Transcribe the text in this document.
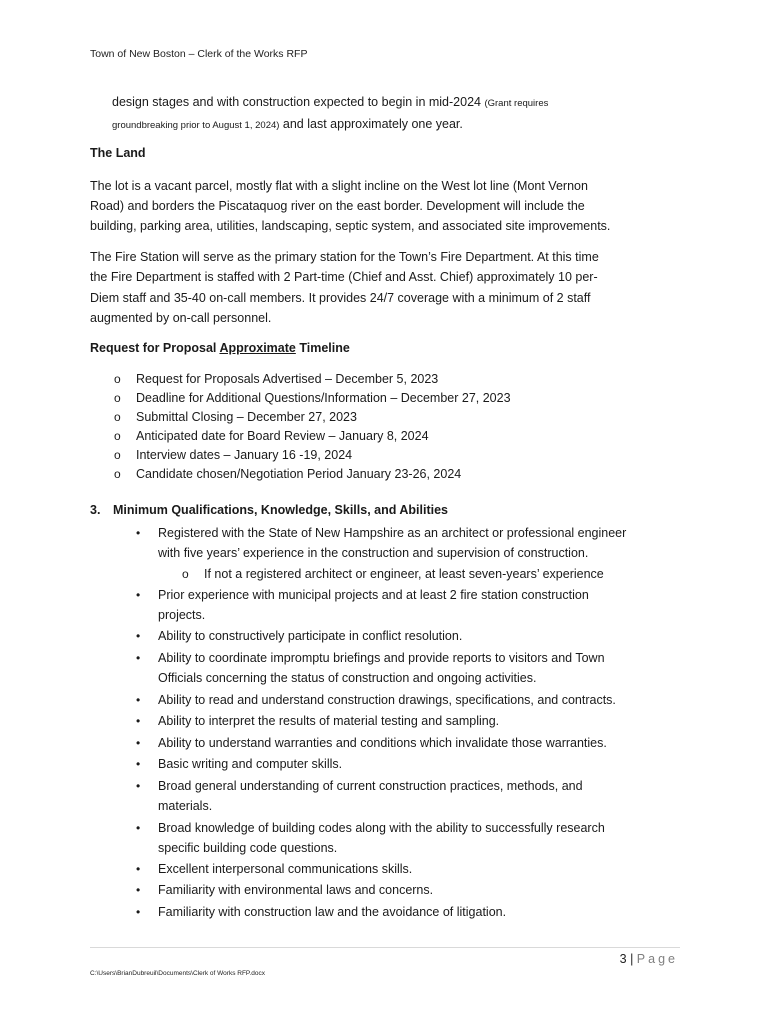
Town of New Boston – Clerk of the Works RFP
design stages and with construction expected to begin in mid-2024 (Grant requires
groundbreaking prior to August 1, 2024) and last approximately one year.
The Land
The lot is a vacant parcel, mostly flat with a slight incline on the West lot line (Mont Vernon
Road) and borders the Piscataquog river on the east border. Development will include the
building, parking area, utilities, landscaping, septic system, and associated site improvements.
The Fire Station will serve as the primary station for the Town’s Fire Department. At this time
the Fire Department is staffed with 2 Part-time (Chief and Asst. Chief) approximately 10 per-
Diem staff and 35-40 on-call members. It provides 24/7 coverage with a minimum of 2 staff
augmented by on-call personnel.
Request for Proposal Approximate Timeline
o Request for Proposals Advertised – December 5, 2023
o Deadline for Additional Questions/Information – December 27, 2023
o Submittal Closing – December 27, 2023
o Anticipated date for Board Review – January 8, 2024
o Interview dates – January 16 -19, 2024
o Candidate chosen/Negotiation Period January 23-26, 2024
3. Minimum Qualifications, Knowledge, Skills, and Abilities
• Registered with the State of New Hampshire as an architect or professional engineer
with five years’ experience in the construction and supervision of construction.
o If not a registered architect or engineer, at least seven-years’ experience
• Prior experience with municipal projects and at least 2 fire station construction
projects.
• Ability to constructively participate in conflict resolution.
• Ability to coordinate impromptu briefings and provide reports to visitors and Town
Officials concerning the status of construction and ongoing activities.
• Ability to read and understand construction drawings, specifications, and contracts.
• Ability to interpret the results of material testing and sampling.
• Ability to understand warranties and conditions which invalidate those warranties.
• Basic writing and computer skills.
• Broad general understanding of current construction practices, methods, and
materials.
• Broad knowledge of building codes along with the ability to successfully research
specific building code questions.
• Excellent interpersonal communications skills.
• Familiarity with environmental laws and concerns.
• Familiarity with construction law and the avoidance of litigation.
3 | Page
C:\Users\BrianDubreuil\Documents\Clerk of Works RFP.docx
